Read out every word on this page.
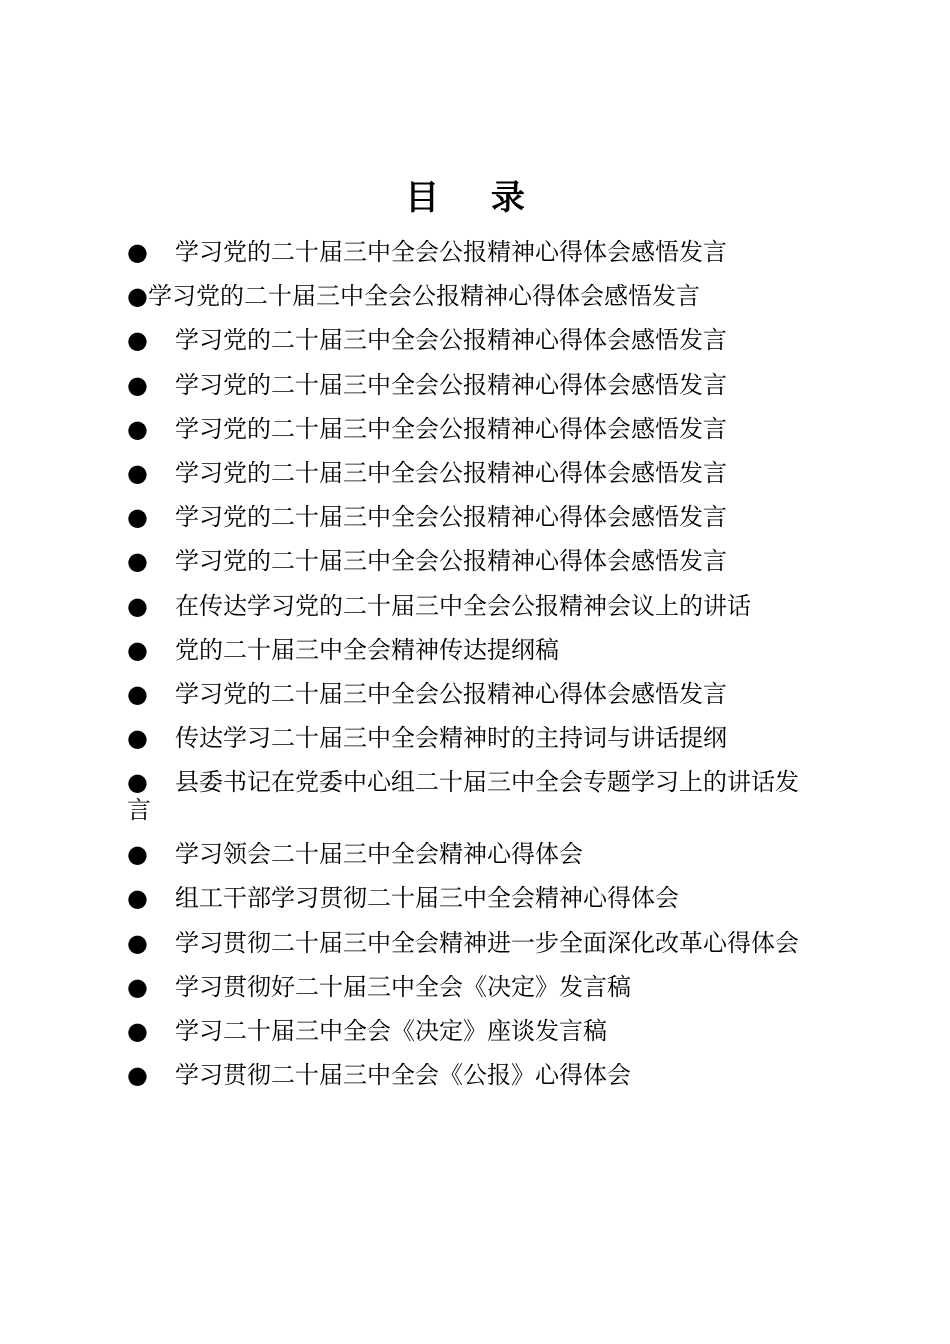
目 录
● 学习党的二十届三中全会公报精神心得体会感悟发言
●学习党的二十届三中全会公报精神心得体会感悟发言
● 学习党的二十届三中全会公报精神心得体会感悟发言
● 学习党的二十届三中全会公报精神心得体会感悟发言
● 学习党的二十届三中全会公报精神心得体会感悟发言
● 学习党的二十届三中全会公报精神心得体会感悟发言
● 学习党的二十届三中全会公报精神心得体会感悟发言
● 学习党的二十届三中全会公报精神心得体会感悟发言
● 在传达学习党的二十届三中全会公报精神会议上的讲话
● 党的二十届三中全会精神传达提纲稿
● 学习党的二十届三中全会公报精神心得体会感悟发言
● 传达学习二十届三中全会精神时的主持词与讲话提纲
● 县委书记在党委中心组二十届三中全会专题学习上的讲话发言
● 学习领会二十届三中全会精神心得体会
● 组工干部学习贯彻二十届三中全会精神心得体会
● 学习贯彻二十届三中全会精神进一步全面深化改革心得体会
● 学习贯彻好二十届三中全会《决定》发言稿
● 学习二十届三中全会《决定》座谈发言稿
● 学习贯彻二十届三中全会《公报》心得体会
